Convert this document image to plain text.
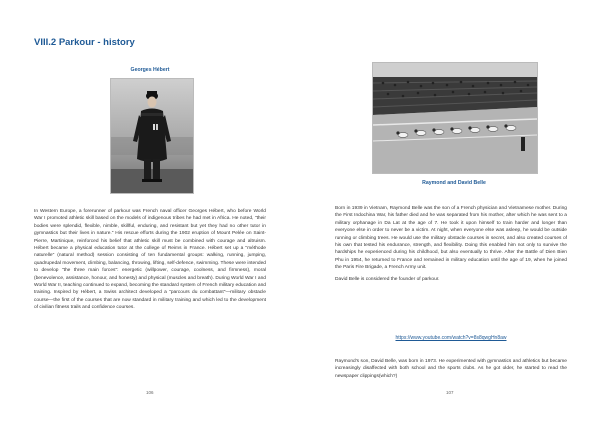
VIII.2 Parkour - history
Georges Hébert
In Western Europe, a forerunner of parkour was French naval officer Georges Hébert, who before World War I promoted athletic skill based on the models of indigenous tribes he had met in Africa. He noted, "their bodies were splendid, flexible, nimble, skillful, enduring, and resistant but yet they had no other tutor in gymnastics but their lives in nature." His rescue efforts during the 1902 eruption of Mount Pelée on Saint-Pierre, Martinique, reinforced his belief that athletic skill must be combined with courage and altruism. Hébert became a physical education tutor at the college of Reims in France. Hébert set up a "méthode naturelle" (natural method) session consisting of ten fundamental groups: walking, running, jumping, quadrupedal movement, climbing, balancing, throwing, lifting, self-defence, swimming. These were intended to develop "the three main forces": energetic (willpower, courage, coolness, and firmness), moral (benevolence, assistance, honour, and honesty) and physical (muscles and breath). During World War I and World War II, teaching continued to expand, becoming the standard system of French military education and training. Inspired by Hébert, a Swiss architect developed a "parcours du combattant"—military obstacle course—the first of the courses that are now standard in military training and which led to the development of civilian fitness trails and confidence courses.
106
Raymond and David Belle

Born in 1939 in Vietnam, Raymond Belle was the son of a French physician and Vietnamese mother. During the First Indochina War, his father died and he was separated from his mother, after which he was sent to a military orphanage in Da Lat at the age of 7. He took it upon himself to train harder and longer than everyone else in order to never be a victim. At night, when everyone else was asleep, he would be outside running or climbing trees. He would use the military obstacle courses in secret, and also created courses of his own that tested his endurance, strength, and flexibility. Doing this enabled him not only to survive the hardships he experienced during his childhood, but also eventually to thrive. After the Battle of Dien Bien Phu in 1954, he returned to France and remained in military education until the age of 19, when he joined the Paris Fire Brigade, a French Army unit.

David Belle is considered the founder of parkour.

https://www.youtube.com/watch?v=8s8qwgHn8aw
Raymond's son, David Belle, was born in 1973. He experimented with gymnastics and athletics but became increasingly disaffected with both school and the sports clubs. As he got older, he started to read the newspaper clippings(which?)
107
